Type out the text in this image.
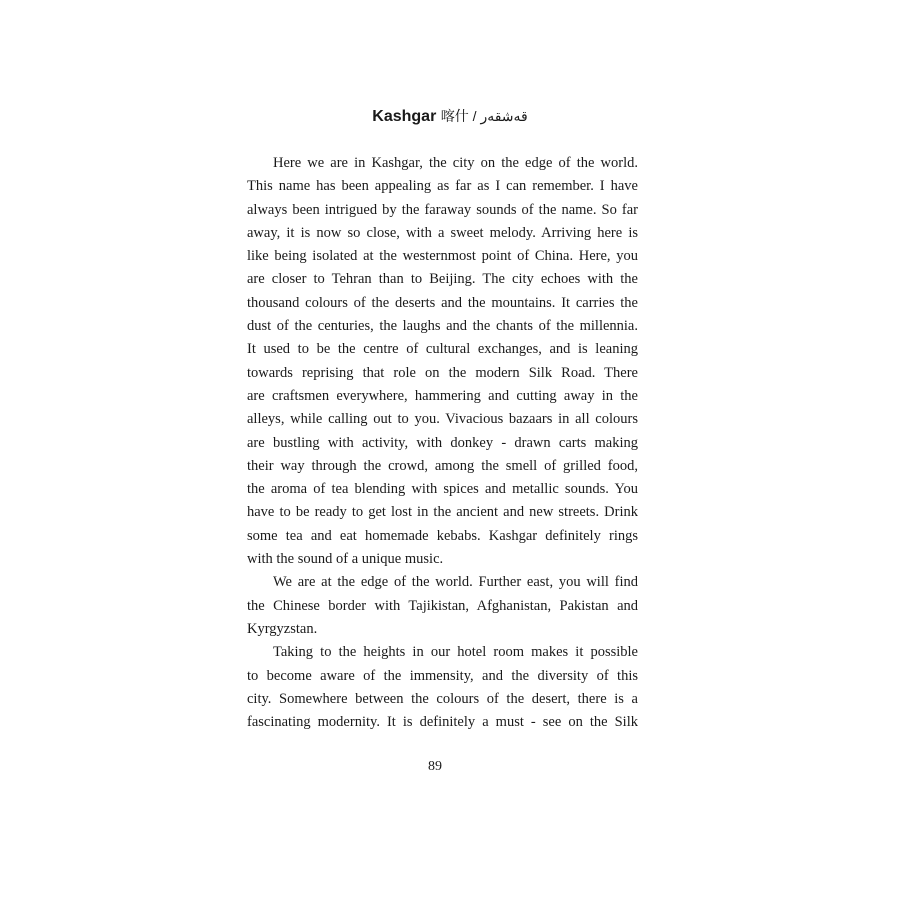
Kashgar 喀什 / قەشقەر
Here we are in Kashgar, the city on the edge of the world.
This name has been appealing as far as I can remember. I have
always been intrigued by the faraway sounds of the name. So far
away, it is now so close, with a sweet melody. Arriving here is
like being isolated at the westernmost point of China. Here, you
are closer to Tehran than to Beijing. The city echoes with the
thousand colours of the deserts and the mountains. It carries the
dust of the centuries, the laughs and the chants of the millennia.
It used to be the centre of cultural exchanges, and is leaning
towards reprising that role on the modern Silk Road. There
are craftsmen everywhere, hammering and cutting away in the
alleys, while calling out to you. Vivacious bazaars in all colours
are bustling with activity, with donkey - drawn carts making
their way through the crowd, among the smell of grilled food,
the aroma of tea blending with spices and metallic sounds. You
have to be ready to get lost in the ancient and new streets. Drink
some tea and eat homemade kebabs. Kashgar definitely rings
with the sound of a unique music.
We are at the edge of the world. Further east, you will find
the Chinese border with Tajikistan, Afghanistan, Pakistan and
Kyrgyzstan.
Taking to the heights in our hotel room makes it possible
to become aware of the immensity, and the diversity of this
city. Somewhere between the colours of the desert, there is a
fascinating modernity. It is definitely a must - see on the Silk
89
